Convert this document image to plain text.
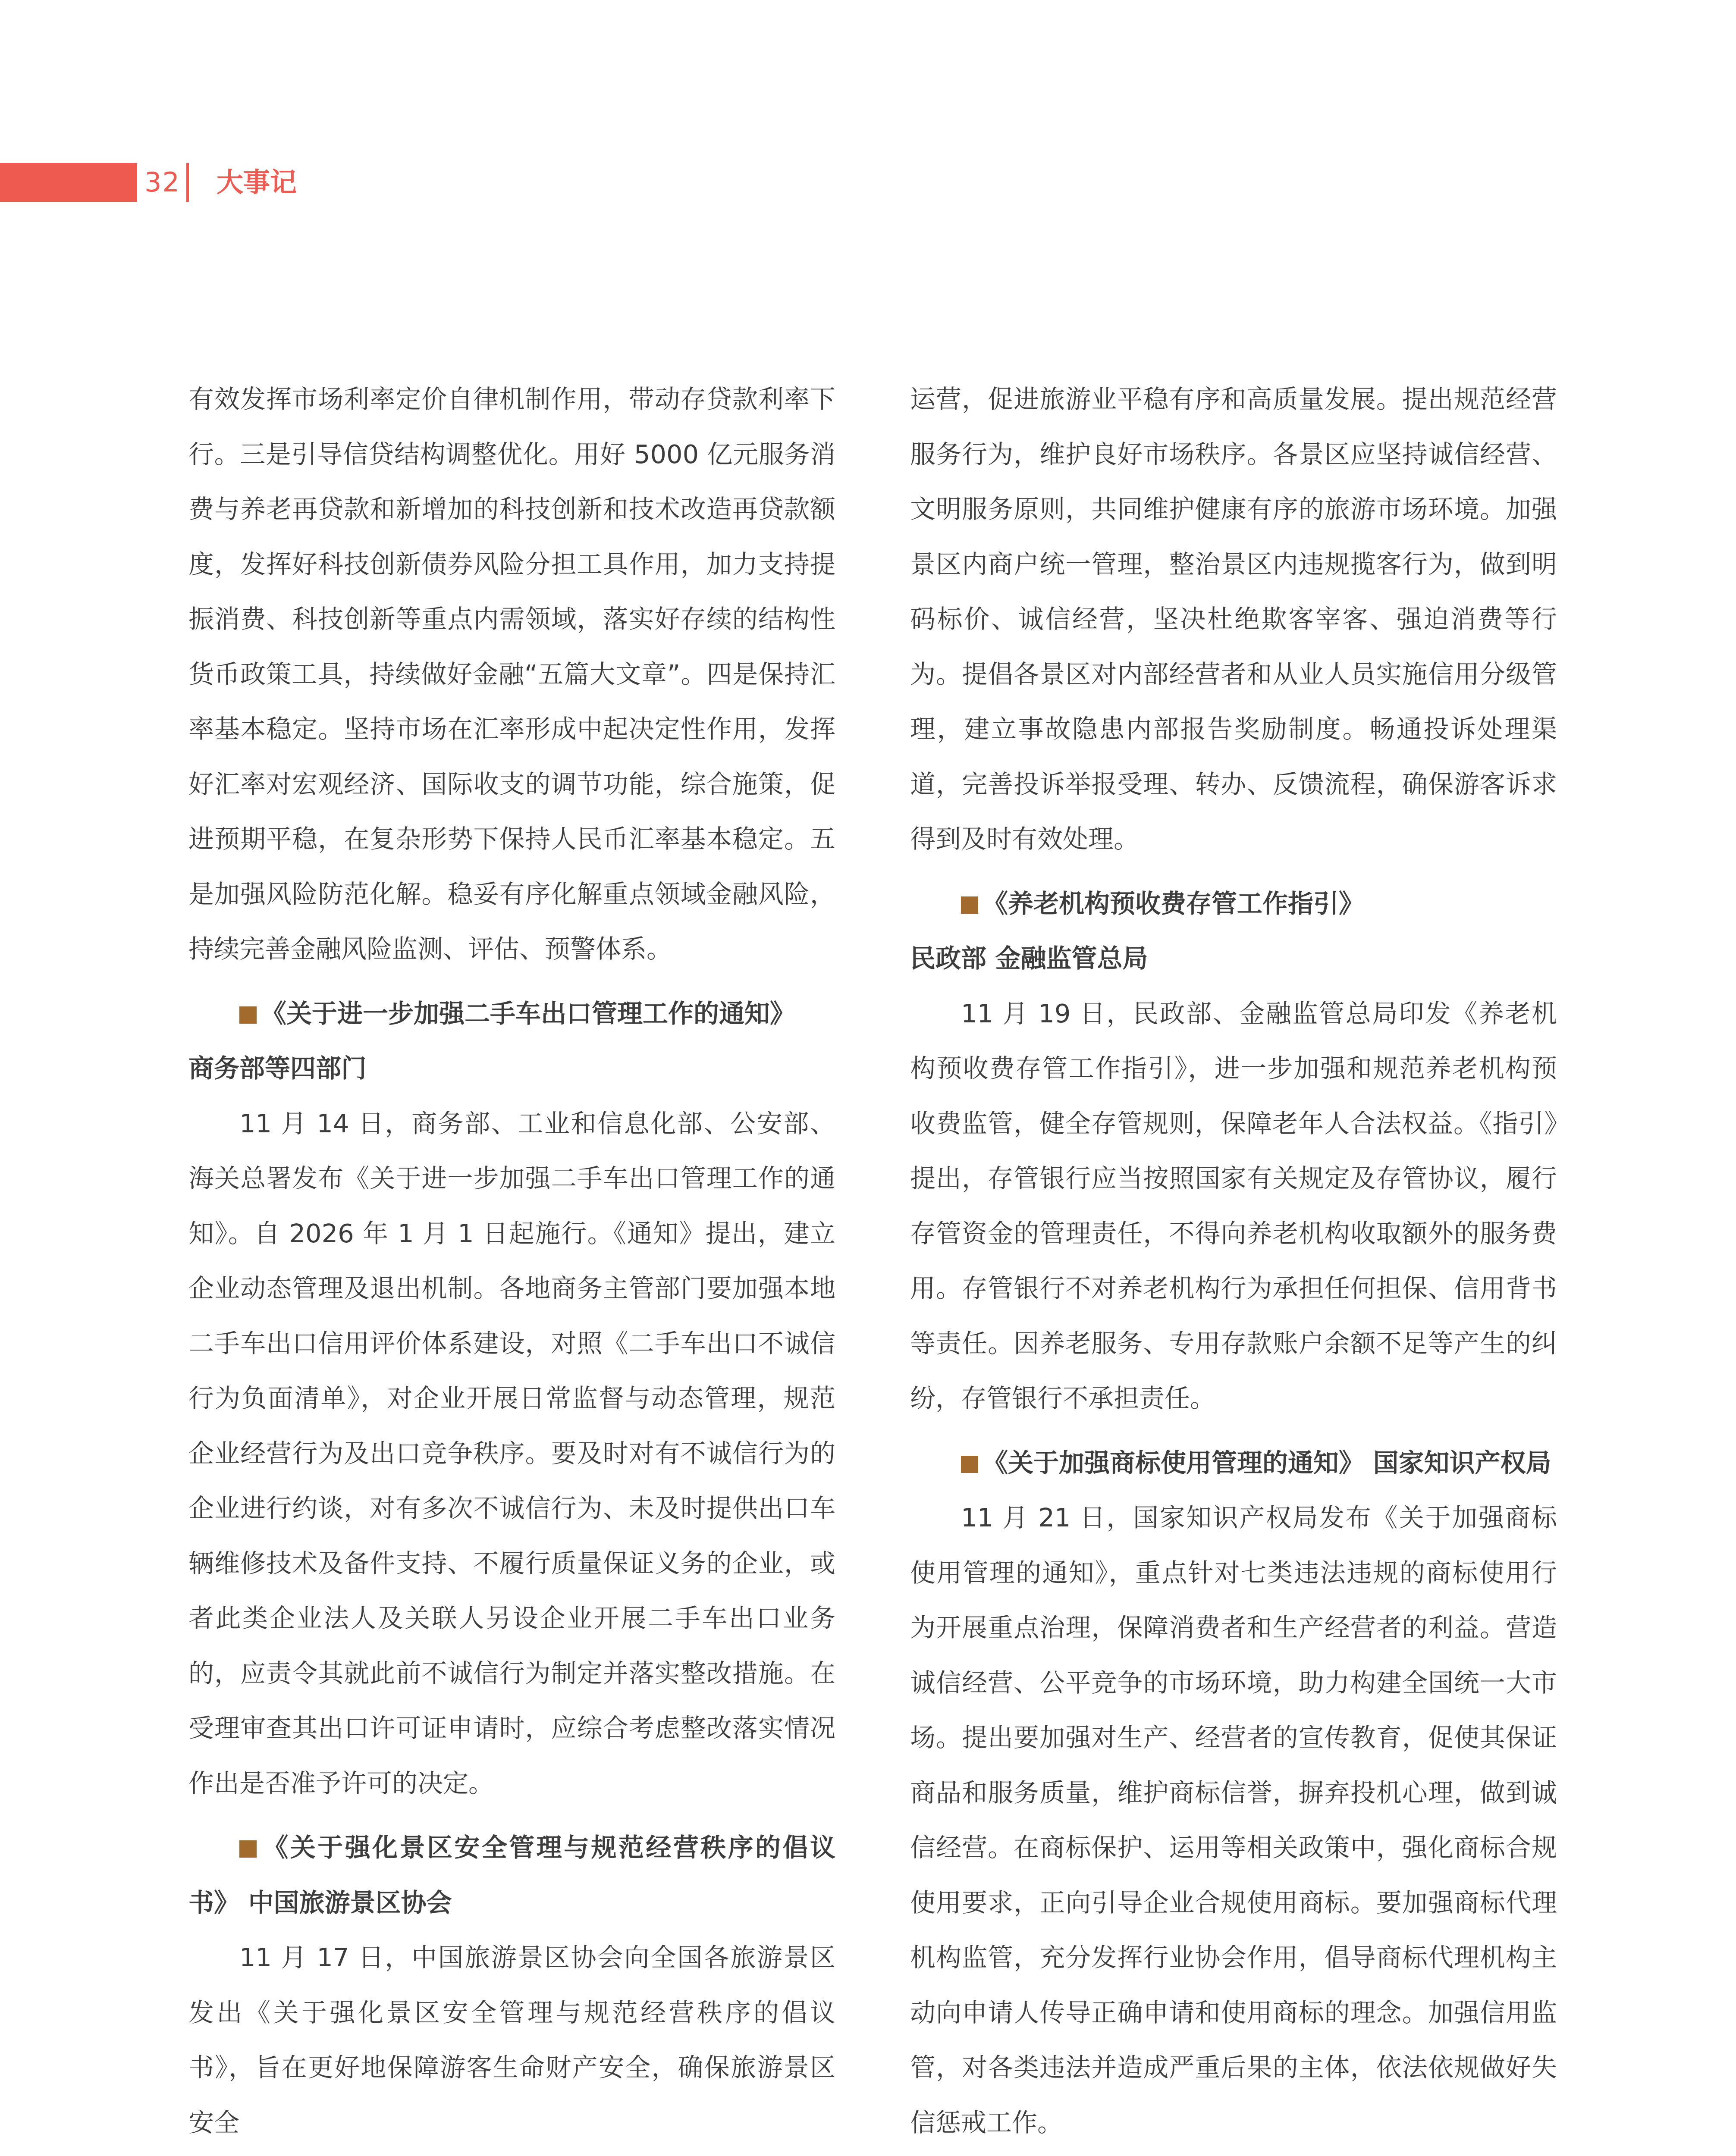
32 大事记

有效发挥市场利率定价自律机制作用，带动存贷款利率下行。三是引导信贷结构调整优化。用好 5000 亿元服务消费与养老再贷款和新增加的科技创新和技术改造再贷款额度，发挥好科技创新债券风险分担工具作用，加力支持提振消费、科技创新等重点内需领域，落实好存续的结构性货币政策工具，持续做好金融“五篇大文章”。四是保持汇率基本稳定。坚持市场在汇率形成中起决定性作用，发挥好汇率对宏观经济、国际收支的调节功能，综合施策，促进预期平稳，在复杂形势下保持人民币汇率基本稳定。五是加强风险防范化解。稳妥有序化解重点领域金融风险，持续完善金融风险监测、评估、预警体系。

《关于进一步加强二手车出口管理工作的通知》

商务部等四部门

11 月 14 日，商务部、工业和信息化部、公安部、海关总署发布《关于进一步加强二手车出口管理工作的通知》。自 2026 年 1 月 1 日起施行。《通知》提出，建立企业动态管理及退出机制。各地商务主管部门要加强本地二手车出口信用评价体系建设，对照《二手车出口不诚信行为负面清单》，对企业开展日常监督与动态管理，规范企业经营行为及出口竞争秩序。要及时对有不诚信行为的企业进行约谈，对有多次不诚信行为、未及时提供出口车辆维修技术及备件支持、不履行质量保证义务的企业，或者此类企业法人及关联人另设企业开展二手车出口业务的，应责令其就此前不诚信行为制定并落实整改措施。在受理审查其出口许可证申请时，应综合考虑整改落实情况作出是否准予许可的决定。

《关于强化景区安全管理与规范经营秩序的倡议书》 中国旅游景区协会

11 月 17 日，中国旅游景区协会向全国各旅游景区发出《关于强化景区安全管理与规范经营秩序的倡议书》，旨在更好地保障游客生命财产安全，确保旅游景区安全

运营，促进旅游业平稳有序和高质量发展。提出规范经营服务行为，维护良好市场秩序。各景区应坚持诚信经营、文明服务原则，共同维护健康有序的旅游市场环境。加强景区内商户统一管理，整治景区内违规揽客行为，做到明码标价、诚信经营，坚决杜绝欺客宰客、强迫消费等行为。提倡各景区对内部经营者和从业人员实施信用分级管理，建立事故隐患内部报告奖励制度。畅通投诉处理渠道，完善投诉举报受理、转办、反馈流程，确保游客诉求得到及时有效处理。

《养老机构预收费存管工作指引》

民政部 金融监管总局

11 月 19 日，民政部、金融监管总局印发《养老机构预收费存管工作指引》，进一步加强和规范养老机构预收费监管，健全存管规则，保障老年人合法权益。《指引》提出，存管银行应当按照国家有关规定及存管协议，履行存管资金的管理责任，不得向养老机构收取额外的服务费用。存管银行不对养老机构行为承担任何担保、信用背书等责任。因养老服务、专用存款账户余额不足等产生的纠纷，存管银行不承担责任。

《关于加强商标使用管理的通知》 国家知识产权局

11 月 21 日，国家知识产权局发布《关于加强商标使用管理的通知》，重点针对七类违法违规的商标使用行为开展重点治理，保障消费者和生产经营者的利益。营造诚信经营、公平竞争的市场环境，助力构建全国统一大市场。提出要加强对生产、经营者的宣传教育，促使其保证商品和服务质量，维护商标信誉，摒弃投机心理，做到诚信经营。在商标保护、运用等相关政策中，强化商标合规使用要求，正向引导企业合规使用商标。要加强商标代理机构监管，充分发挥行业协会作用，倡导商标代理机构主动向申请人传导正确申请和使用商标的理念。加强信用监管，对各类违法并造成严重后果的主体，依法依规做好失信惩戒工作。
